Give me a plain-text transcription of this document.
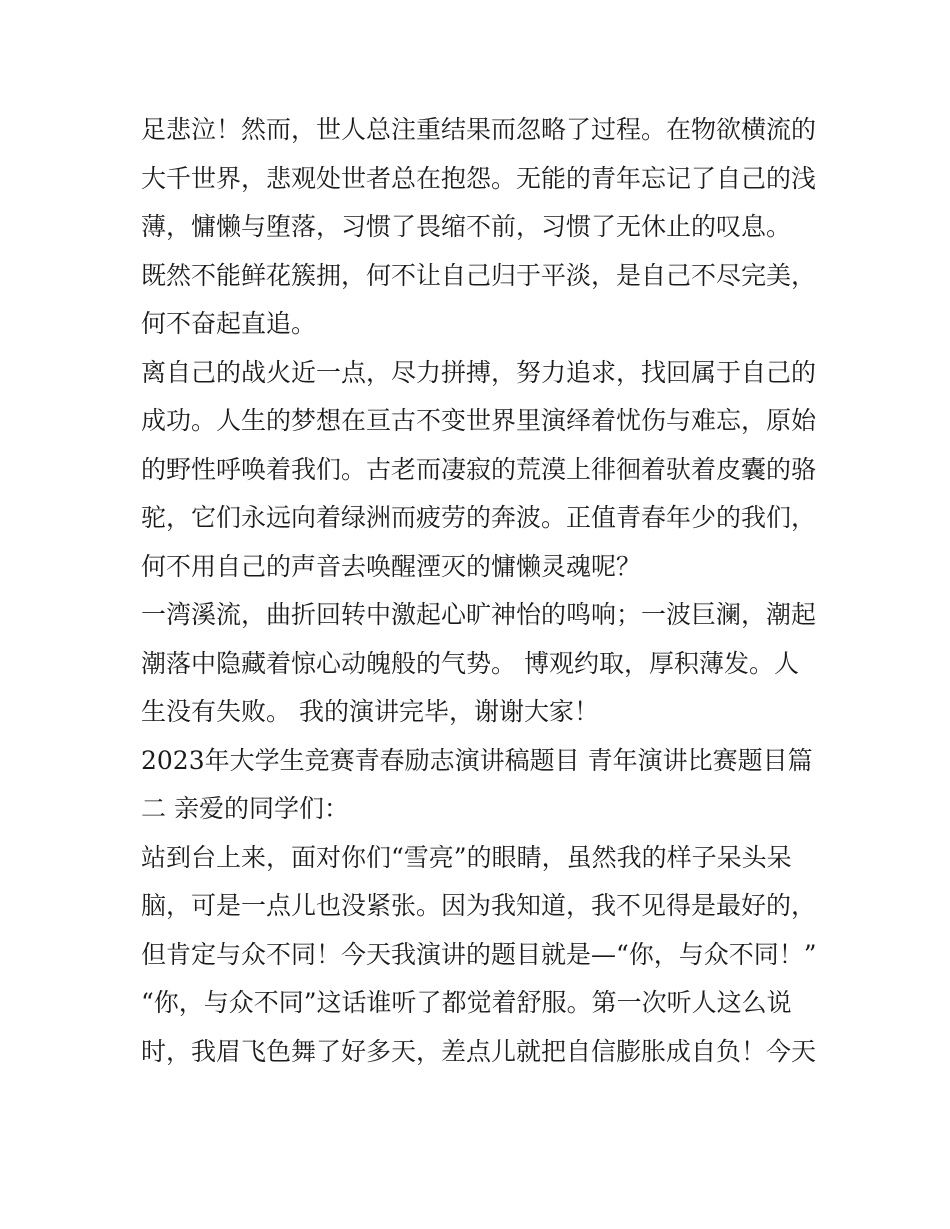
足悲泣！然而，世人总注重结果而忽略了过程。在物欲横流的
大千世界，悲观处世者总在抱怨。无能的青年忘记了自己的浅
薄，慵懒与堕落，习惯了畏缩不前，习惯了无休止的叹息。
既然不能鲜花簇拥，何不让自己归于平淡，是自己不尽完美，
何不奋起直追。
离自己的战火近一点，尽力拼搏，努力追求，找回属于自己的
成功。人生的梦想在亘古不变世界里演绎着忧伤与难忘，原始
的野性呼唤着我们。古老而凄寂的荒漠上徘徊着驮着皮囊的骆
驼，它们永远向着绿洲而疲劳的奔波。正值青春年少的我们，
何不用自己的声音去唤醒湮灭的慵懒灵魂呢？
一湾溪流，曲折回转中激起心旷神怡的鸣响；一波巨澜，潮起
潮落中隐藏着惊心动魄般的气势。 博观约取，厚积薄发。人
生没有失败。 我的演讲完毕，谢谢大家！
2023年大学生竞赛青春励志演讲稿题目 青年演讲比赛题目篇
二 亲爱的同学们：
站到台上来，面对你们“雪亮”的眼睛，虽然我的样子呆头呆
脑，可是一点儿也没紧张。因为我知道，我不见得是最好的，
但肯定与众不同！今天我演讲的题目就是—“你，与众不同！”
“你，与众不同”这话谁听了都觉着舒服。第一次听人这么说
时，我眉飞色舞了好多天，差点儿就把自信膨胀成自负！今天
